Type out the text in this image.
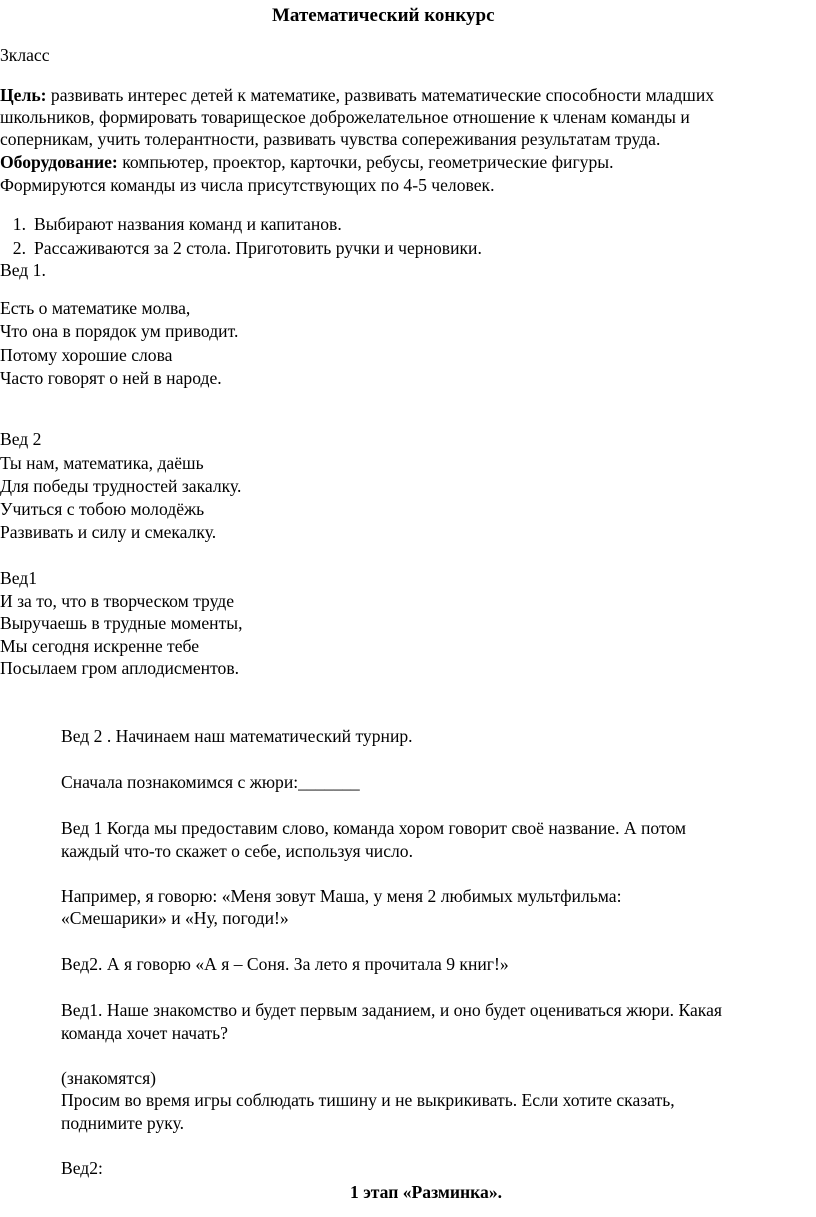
Математический конкурс
3класс
Цель: развивать интерес детей к математике, развивать математические способности младших
школьников, формировать товарищеское доброжелательное отношение к членам команды и
соперникам, учить толерантности, развивать чувства сопереживания результатам труда.
Оборудование: компьютер, проектор, карточки, ребусы, геометрические фигуры.
Формируются команды из числа присутствующих по 4-5 человек.
1. Выбирают названия команд и капитанов.
2. Рассаживаются за 2 стола. Приготовить ручки и черновики.
Вед 1.
Есть о математике молва,
Что она в порядок ум приводит.
Потому хорошие слова
Часто говорят о ней в народе.
Вед 2
Ты нам, математика, даёшь
Для победы трудностей закалку.
Учиться с тобою молодёжь
Развивать и силу и смекалку.
Вед1
И за то, что в творческом труде
Выручаешь в трудные моменты,
Мы сегодня искренне тебе
Посылаем гром аплодисментов.
Вед 2 . Начинаем наш математический турнир.
Сначала познакомимся с жюри:_______
Вед 1 Когда мы предоставим слово, команда хором говорит своё название. А потом
каждый что-то скажет о себе, используя число.
Например, я говорю: «Меня зовут Маша, у меня 2 любимых мультфильма:
«Смешарики» и «Ну, погоди!»
Вед2. А я говорю «А я – Соня. За лето я прочитала 9 книг!»
Вед1. Наше знакомство и будет первым заданием, и оно будет оцениваться жюри. Какая
команда хочет начать?
(знакомятся)
Просим во время игры соблюдать тишину и не выкрикивать. Если хотите сказать,
поднимите руку.
Вед2:
1 этап «Разминка».
